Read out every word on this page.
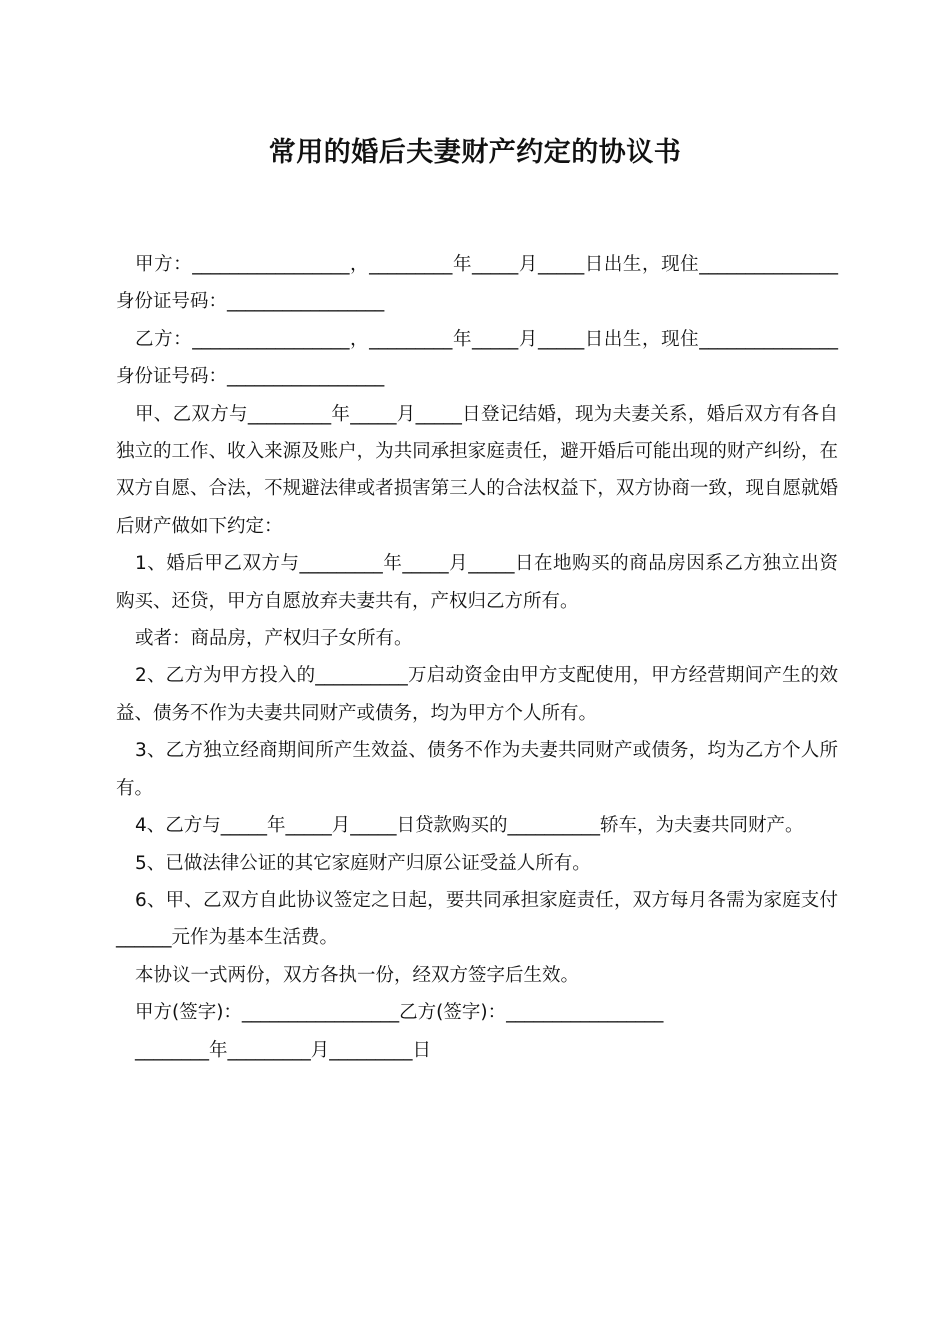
常用的婚后夫妻财产约定的协议书

甲方：_________________，_________年_____月_____日出生，现住_______________身份证号码：_________________

乙方：_________________，_________年_____月_____日出生，现住_______________身份证号码：_________________

甲、乙双方与_________年_____月_____日登记结婚，现为夫妻关系，婚后双方有各自独立的工作、收入来源及账户，为共同承担家庭责任，避开婚后可能出现的财产纠纷，在双方自愿、合法，不规避法律或者损害第三人的合法权益下，双方协商一致，现自愿就婚后财产做如下约定：

1、婚后甲乙双方与_________年_____月_____日在地购买的商品房因系乙方独立出资购买、还贷，甲方自愿放弃夫妻共有，产权归乙方所有。

或者：商品房，产权归子女所有。

2、乙方为甲方投入的__________万启动资金由甲方支配使用，甲方经营期间产生的效益、债务不作为夫妻共同财产或债务，均为甲方个人所有。

3、乙方独立经商期间所产生效益、债务不作为夫妻共同财产或债务，均为乙方个人所有。

4、乙方与_____年_____月_____日贷款购买的__________轿车，为夫妻共同财产。

5、已做法律公证的其它家庭财产归原公证受益人所有。

6、甲、乙双方自此协议签定之日起，要共同承担家庭责任，双方每月各需为家庭支付______元作为基本生活费。

本协议一式两份，双方各执一份，经双方签字后生效。

甲方(签字)：_________________乙方(签字)：_________________

________年_________月_________日
